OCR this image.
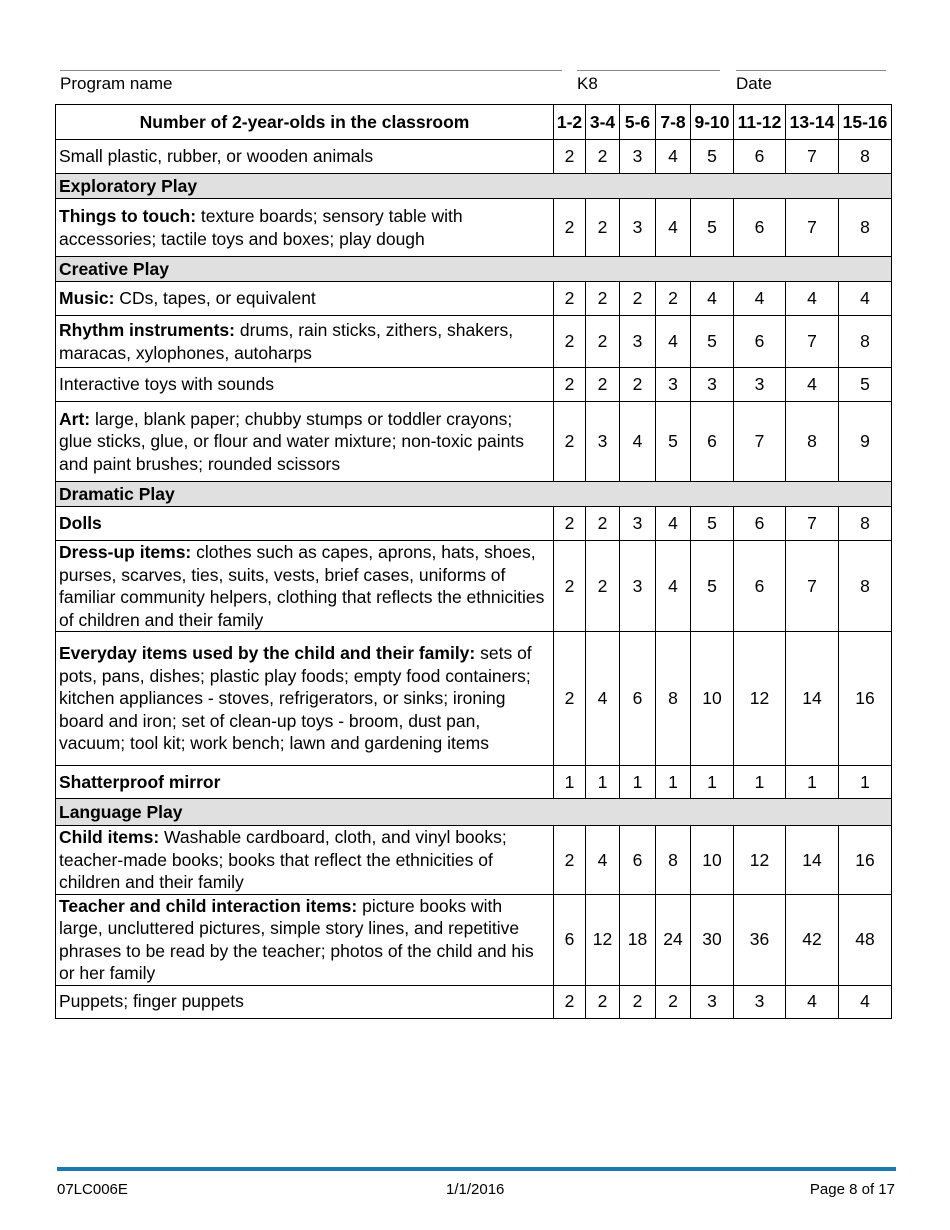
Program name	K8	Date
Number of 2-year-olds in the classroom	1-2	3-4	5-6	7-8	9-10	11-12	13-14	15-16
Small plastic, rubber, or wooden animals	2	2	3	4	5	6	7	8
Exploratory Play								
Things to touch: texture boards; sensory table with accessories; tactile toys and boxes; play dough	2	2	3	4	5	6	7	8
Creative Play								
Music: CDs, tapes, or equivalent	2	2	2	2	4	4	4	4
Rhythm instruments: drums, rain sticks, zithers, shakers, maracas, xylophones, autoharps	2	2	3	4	5	6	7	8
Interactive toys with sounds	2	2	2	3	3	3	4	5
Art: large, blank paper; chubby stumps or toddler crayons; glue sticks, glue, or flour and water mixture; non-toxic paints and paint brushes; rounded scissors	2	3	4	5	6	7	8	9
Dramatic Play								
Dolls	2	2	3	4	5	6	7	8
Dress-up items: clothes such as capes, aprons, hats, shoes, purses, scarves, ties, suits, vests, brief cases, uniforms of familiar community helpers, clothing that reflects the ethnicities of children and their family	2	2	3	4	5	6	7	8
Everyday items used by the child and their family: sets of pots, pans, dishes; plastic play foods; empty food containers; kitchen appliances - stoves, refrigerators, or sinks; ironing board and iron; set of clean-up toys - broom, dust pan, vacuum; tool kit; work bench; lawn and gardening items	2	4	6	8	10	12	14	16
Shatterproof mirror	1	1	1	1	1	1	1	1
Language Play								
Child items: Washable cardboard, cloth, and vinyl books; teacher-made books; books that reflect the ethnicities of children and their family	2	4	6	8	10	12	14	16
Teacher and child interaction items: picture books with large, uncluttered pictures, simple story lines, and repetitive phrases to be read by the teacher; photos of the child and his or her family	6	12	18	24	30	36	42	48
Puppets; finger puppets	2	2	2	2	3	3	4	4
07LC006E	1/1/2016	Page 8 of 17
